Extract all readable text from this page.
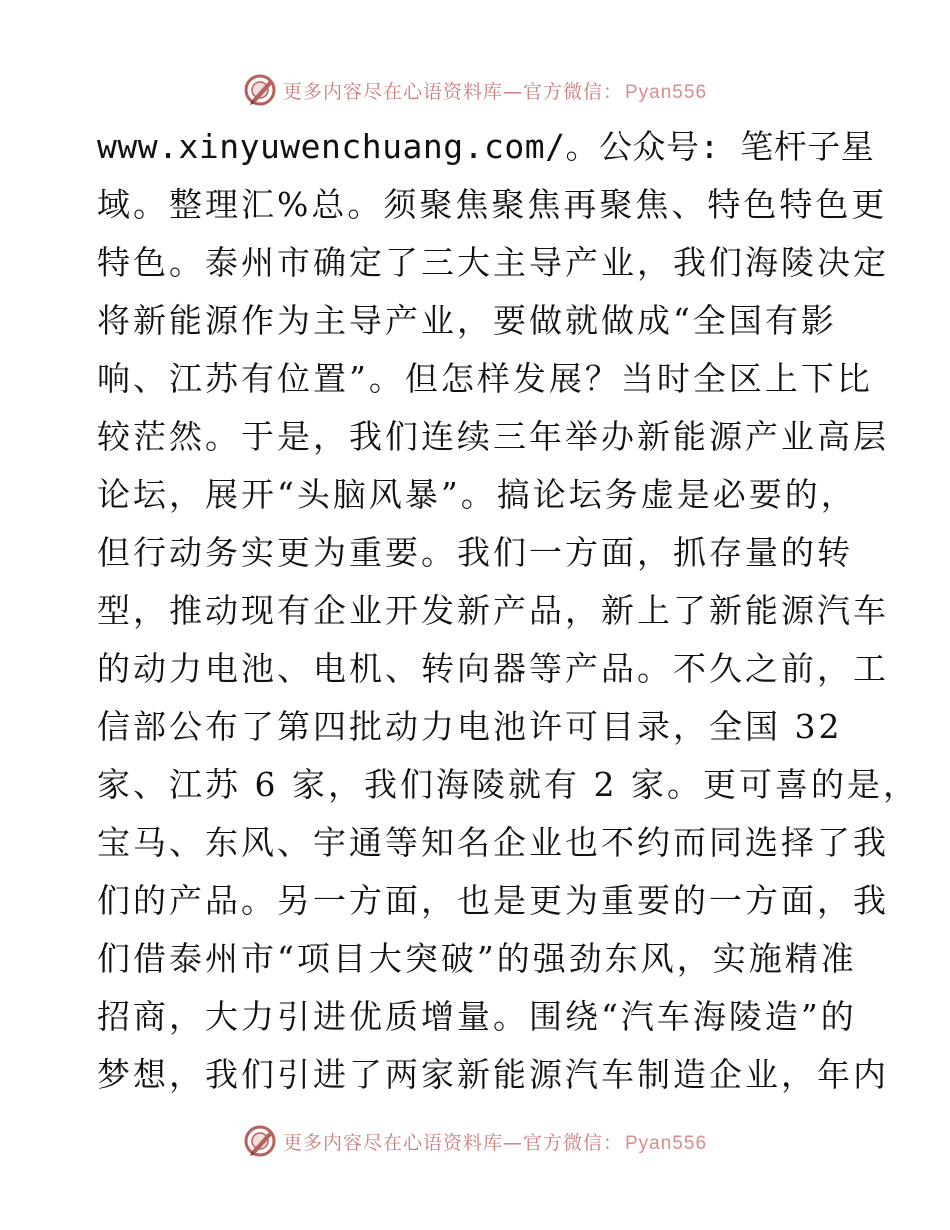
更多内容尽在心语资料库—官方微信： Pyan556
www.xinyuwenchuang.com/。公众号: 笔杆子星
域。整理汇%总。须聚焦聚焦再聚焦、特色特色更
特色。泰州市确定了三大主导产业，我们海陵决定
将新能源作为主导产业，要做就做成“全国有影
响、江苏有位置”。但怎样发展？当时全区上下比
较茫然。于是，我们连续三年举办新能源产业高层
论坛，展开“头脑风暴”。搞论坛务虚是必要的，
但行动务实更为重要。我们一方面，抓存量的转
型，推动现有企业开发新产品，新上了新能源汽车
的动力电池、电机、转向器等产品。不久之前，工
信部公布了第四批动力电池许可目录，全国 32
家、江苏 6 家，我们海陵就有 2 家。更可喜的是，
宝马、东风、宇通等知名企业也不约而同选择了我
们的产品。另一方面，也是更为重要的一方面，我
们借泰州市“项目大突破”的强劲东风，实施精准
招商，大力引进优质增量。围绕“汽车海陵造”的
梦想，我们引进了两家新能源汽车制造企业，年内
更多内容尽在心语资料库—官方微信： Pyan556
